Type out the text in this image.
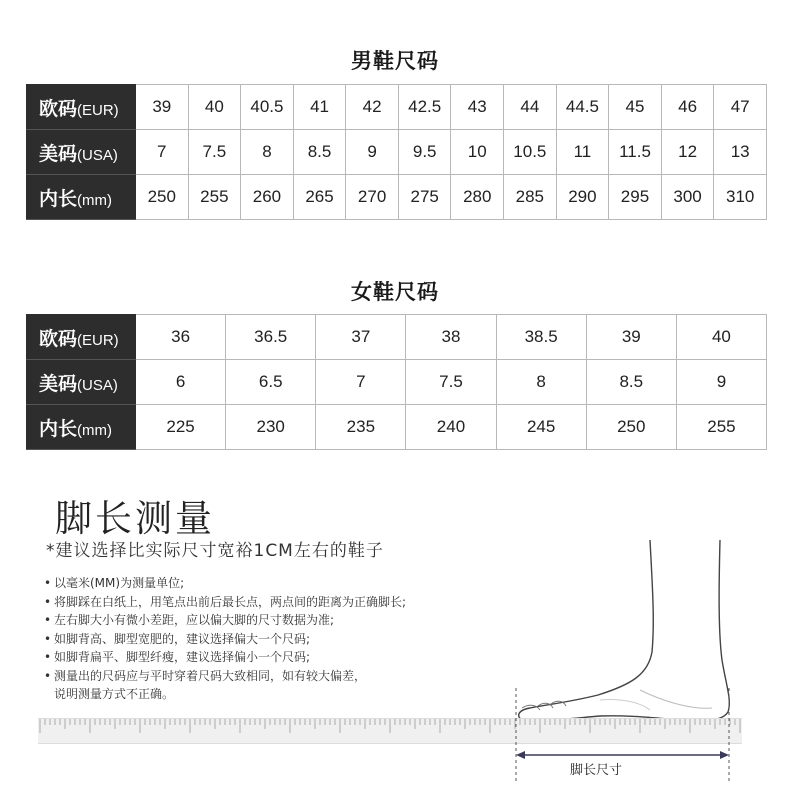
男鞋尺码
欧码(EUR)	39	40	40.5	41	42	42.5	43	44	44.5	45	46	47
美码(USA)	7	7.5	8	8.5	9	9.5	10	10.5	11	11.5	12	13
内长(mm)	250	255	260	265	270	275	280	285	290	295	300	310
女鞋尺码
欧码(EUR)	36	36.5	37	38	38.5	39	40
美码(USA)	6	6.5	7	7.5	8	8.5	9
内长(mm)	225	230	235	240	245	250	255
脚长测量
*建议选择比实际尺寸宽裕1CM左右的鞋子
• 以毫米(MM)为测量单位;
• 将脚踩在白纸上，用笔点出前后最长点，两点间的距离为正确脚长;
• 左右脚大小有微小差距，应以偏大脚的尺寸数据为准;
• 如脚背高、脚型宽肥的，建议选择偏大一个尺码;
• 如脚背扁平、脚型纤瘦，建议选择偏小一个尺码;
• 测量出的尺码应与平时穿着尺码大致相同，如有较大偏差，
说明测量方式不正确。
脚长尺寸
